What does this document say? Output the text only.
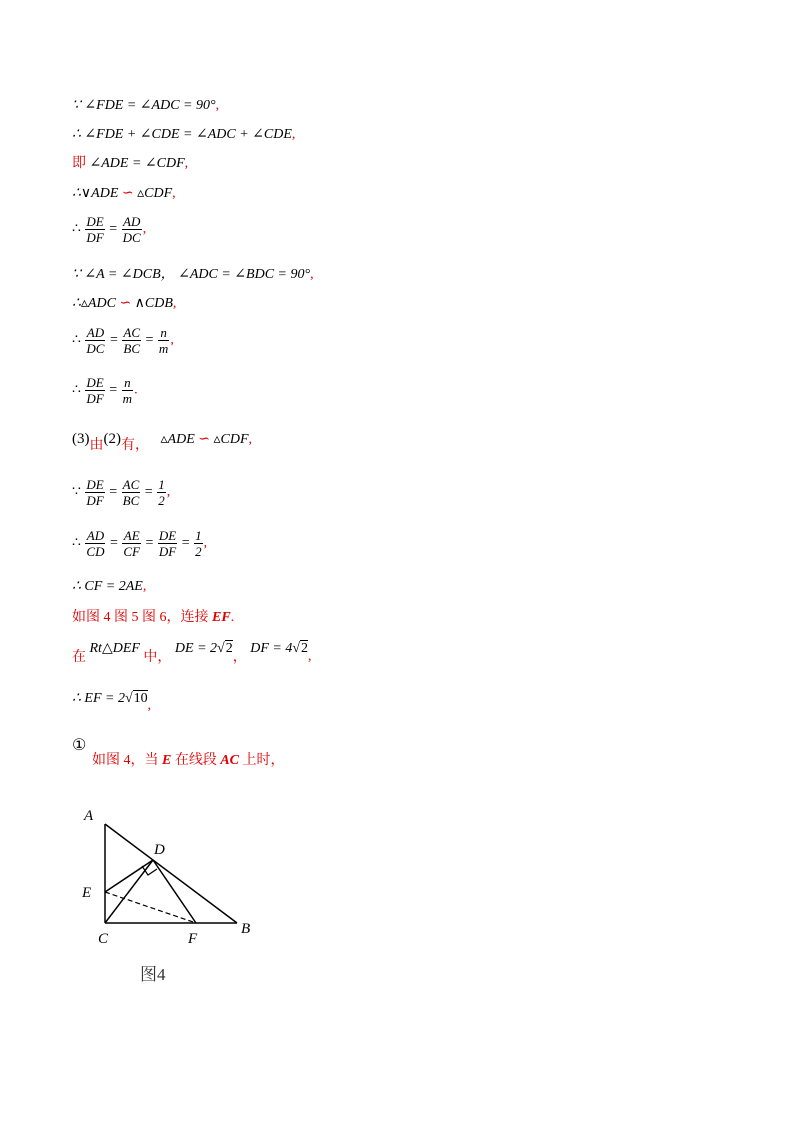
∵ ∠FDE = ∠ADC = 90°,
∴ ∠FDE + ∠CDE = ∠ADC + ∠CDE,
即 ∠ADE = ∠CDF,
∴∨ADE ∽ ▵CDF,
∴ $\frac{DE}{DF} = \frac{AD}{DC}$ ,
∵ ∠A = ∠DCB， ∠ADC = ∠BDC = 90°,
∴▵ADC ∽ ∧CDB,
∴ $\frac{AD}{DC} = \frac{AC}{BC} = \frac{n}{m}$ ,
∴ $\frac{DE}{DF} = \frac{n}{m}$ .
(3)由(2)有， ▵ADE ∽ ▵CDF,
∵ $\frac{DE}{DF} = \frac{AC}{BC} = \frac{1}{2}$ ,
∴ $\frac{AD}{CD} = \frac{AE}{CF} = \frac{DE}{DF} = \frac{1}{2}$ ,
∴ CF = 2AE,
如图 4 图 5 图 6，连接 EF.
在 Rt△DEF 中， DE = 2√2， DF = 4√2,
∴ EF = 2√10,
①
如图 4，当 E 在线段 AC 上时，
A
D
E
C	F
B
图4
